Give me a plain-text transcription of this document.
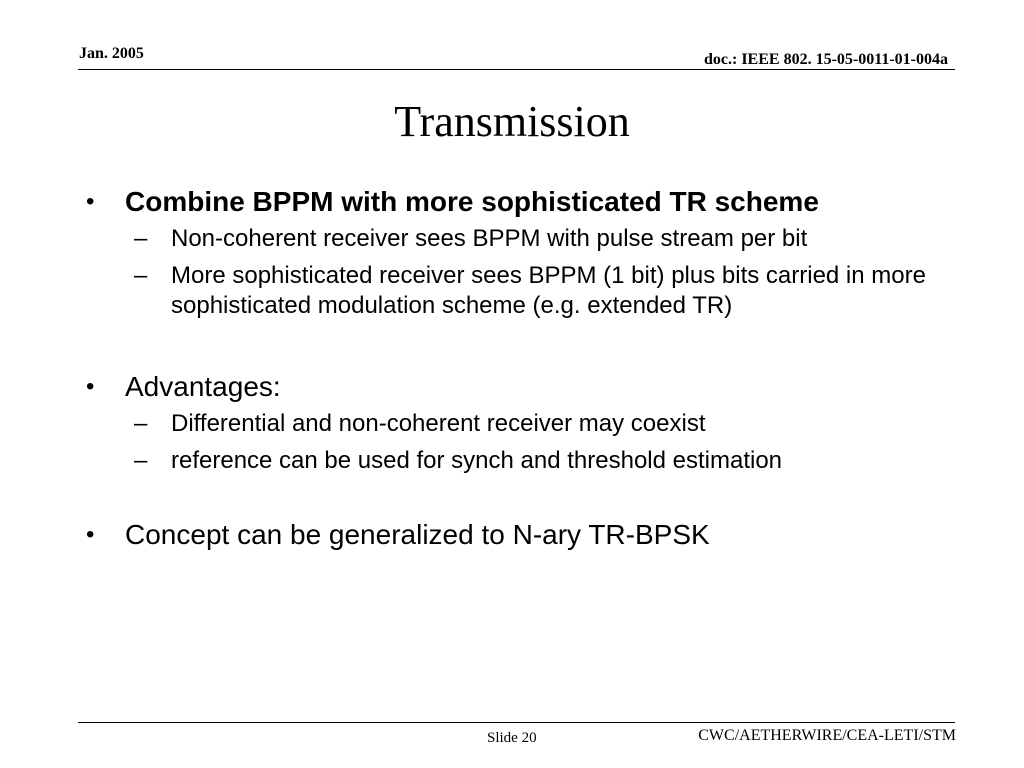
Jan. 2005	doc.: IEEE 802. 15-05-0011-01-004a
Transmission
• Combine BPPM with more sophisticated TR scheme
– Non-coherent receiver sees BPPM with pulse stream per bit
– More sophisticated receiver sees BPPM (1 bit) plus bits carried in more sophisticated modulation scheme (e.g. extended TR)
• Advantages:
– Differential and non-coherent receiver may coexist
– reference can be used for synch and threshold estimation
• Concept can be generalized to N-ary TR-BPSK
Slide 20	CWC/AETHERWIRE/CEA-LETI/STM
